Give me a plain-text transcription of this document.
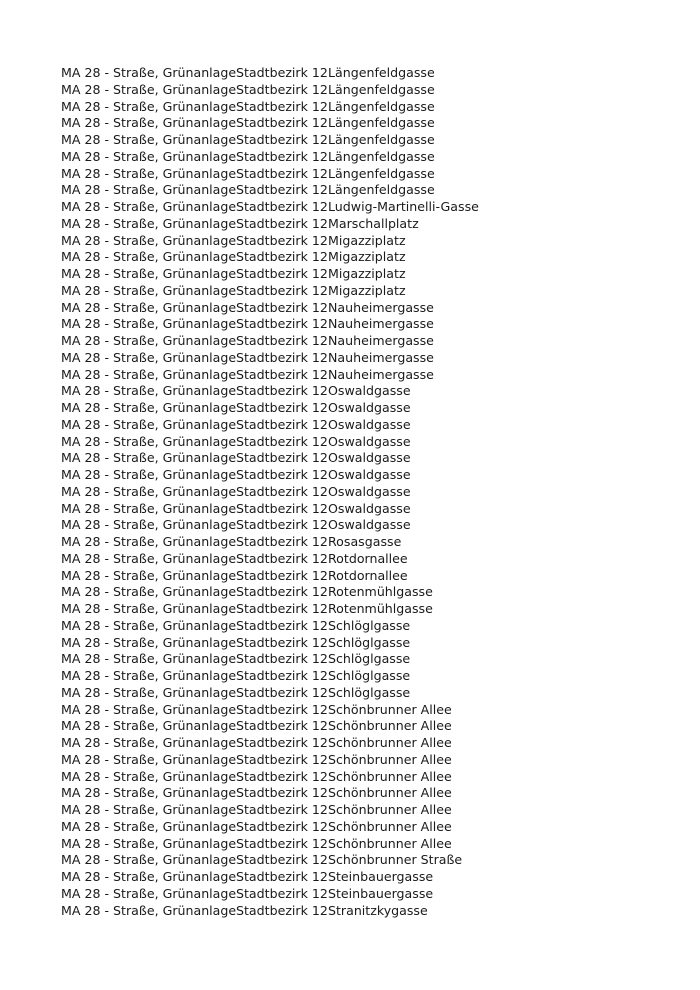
MA 28 - Straße, Grünanlage Stadtbezirk 12 Längenfeldgasse
MA 28 - Straße, Grünanlage Stadtbezirk 12 Längenfeldgasse
MA 28 - Straße, Grünanlage Stadtbezirk 12 Längenfeldgasse
MA 28 - Straße, Grünanlage Stadtbezirk 12 Längenfeldgasse
MA 28 - Straße, Grünanlage Stadtbezirk 12 Längenfeldgasse
MA 28 - Straße, Grünanlage Stadtbezirk 12 Längenfeldgasse
MA 28 - Straße, Grünanlage Stadtbezirk 12 Längenfeldgasse
MA 28 - Straße, Grünanlage Stadtbezirk 12 Längenfeldgasse
MA 28 - Straße, Grünanlage Stadtbezirk 12 Ludwig-Martinelli-Gasse
MA 28 - Straße, Grünanlage Stadtbezirk 12 Marschallplatz
MA 28 - Straße, Grünanlage Stadtbezirk 12 Migazziplatz
MA 28 - Straße, Grünanlage Stadtbezirk 12 Migazziplatz
MA 28 - Straße, Grünanlage Stadtbezirk 12 Migazziplatz
MA 28 - Straße, Grünanlage Stadtbezirk 12 Migazziplatz
MA 28 - Straße, Grünanlage Stadtbezirk 12 Nauheimergasse
MA 28 - Straße, Grünanlage Stadtbezirk 12 Nauheimergasse
MA 28 - Straße, Grünanlage Stadtbezirk 12 Nauheimergasse
MA 28 - Straße, Grünanlage Stadtbezirk 12 Nauheimergasse
MA 28 - Straße, Grünanlage Stadtbezirk 12 Nauheimergasse
MA 28 - Straße, Grünanlage Stadtbezirk 12 Oswaldgasse
MA 28 - Straße, Grünanlage Stadtbezirk 12 Oswaldgasse
MA 28 - Straße, Grünanlage Stadtbezirk 12 Oswaldgasse
MA 28 - Straße, Grünanlage Stadtbezirk 12 Oswaldgasse
MA 28 - Straße, Grünanlage Stadtbezirk 12 Oswaldgasse
MA 28 - Straße, Grünanlage Stadtbezirk 12 Oswaldgasse
MA 28 - Straße, Grünanlage Stadtbezirk 12 Oswaldgasse
MA 28 - Straße, Grünanlage Stadtbezirk 12 Oswaldgasse
MA 28 - Straße, Grünanlage Stadtbezirk 12 Oswaldgasse
MA 28 - Straße, Grünanlage Stadtbezirk 12 Rosasgasse
MA 28 - Straße, Grünanlage Stadtbezirk 12 Rotdornallee
MA 28 - Straße, Grünanlage Stadtbezirk 12 Rotdornallee
MA 28 - Straße, Grünanlage Stadtbezirk 12 Rotenmühlgasse
MA 28 - Straße, Grünanlage Stadtbezirk 12 Rotenmühlgasse
MA 28 - Straße, Grünanlage Stadtbezirk 12 Schlöglgasse
MA 28 - Straße, Grünanlage Stadtbezirk 12 Schlöglgasse
MA 28 - Straße, Grünanlage Stadtbezirk 12 Schlöglgasse
MA 28 - Straße, Grünanlage Stadtbezirk 12 Schlöglgasse
MA 28 - Straße, Grünanlage Stadtbezirk 12 Schlöglgasse
MA 28 - Straße, Grünanlage Stadtbezirk 12 Schönbrunner Allee
MA 28 - Straße, Grünanlage Stadtbezirk 12 Schönbrunner Allee
MA 28 - Straße, Grünanlage Stadtbezirk 12 Schönbrunner Allee
MA 28 - Straße, Grünanlage Stadtbezirk 12 Schönbrunner Allee
MA 28 - Straße, Grünanlage Stadtbezirk 12 Schönbrunner Allee
MA 28 - Straße, Grünanlage Stadtbezirk 12 Schönbrunner Allee
MA 28 - Straße, Grünanlage Stadtbezirk 12 Schönbrunner Allee
MA 28 - Straße, Grünanlage Stadtbezirk 12 Schönbrunner Allee
MA 28 - Straße, Grünanlage Stadtbezirk 12 Schönbrunner Allee
MA 28 - Straße, Grünanlage Stadtbezirk 12 Schönbrunner Straße
MA 28 - Straße, Grünanlage Stadtbezirk 12 Steinbauergasse
MA 28 - Straße, Grünanlage Stadtbezirk 12 Steinbauergasse
MA 28 - Straße, Grünanlage Stadtbezirk 12 Stranitzkygasse
